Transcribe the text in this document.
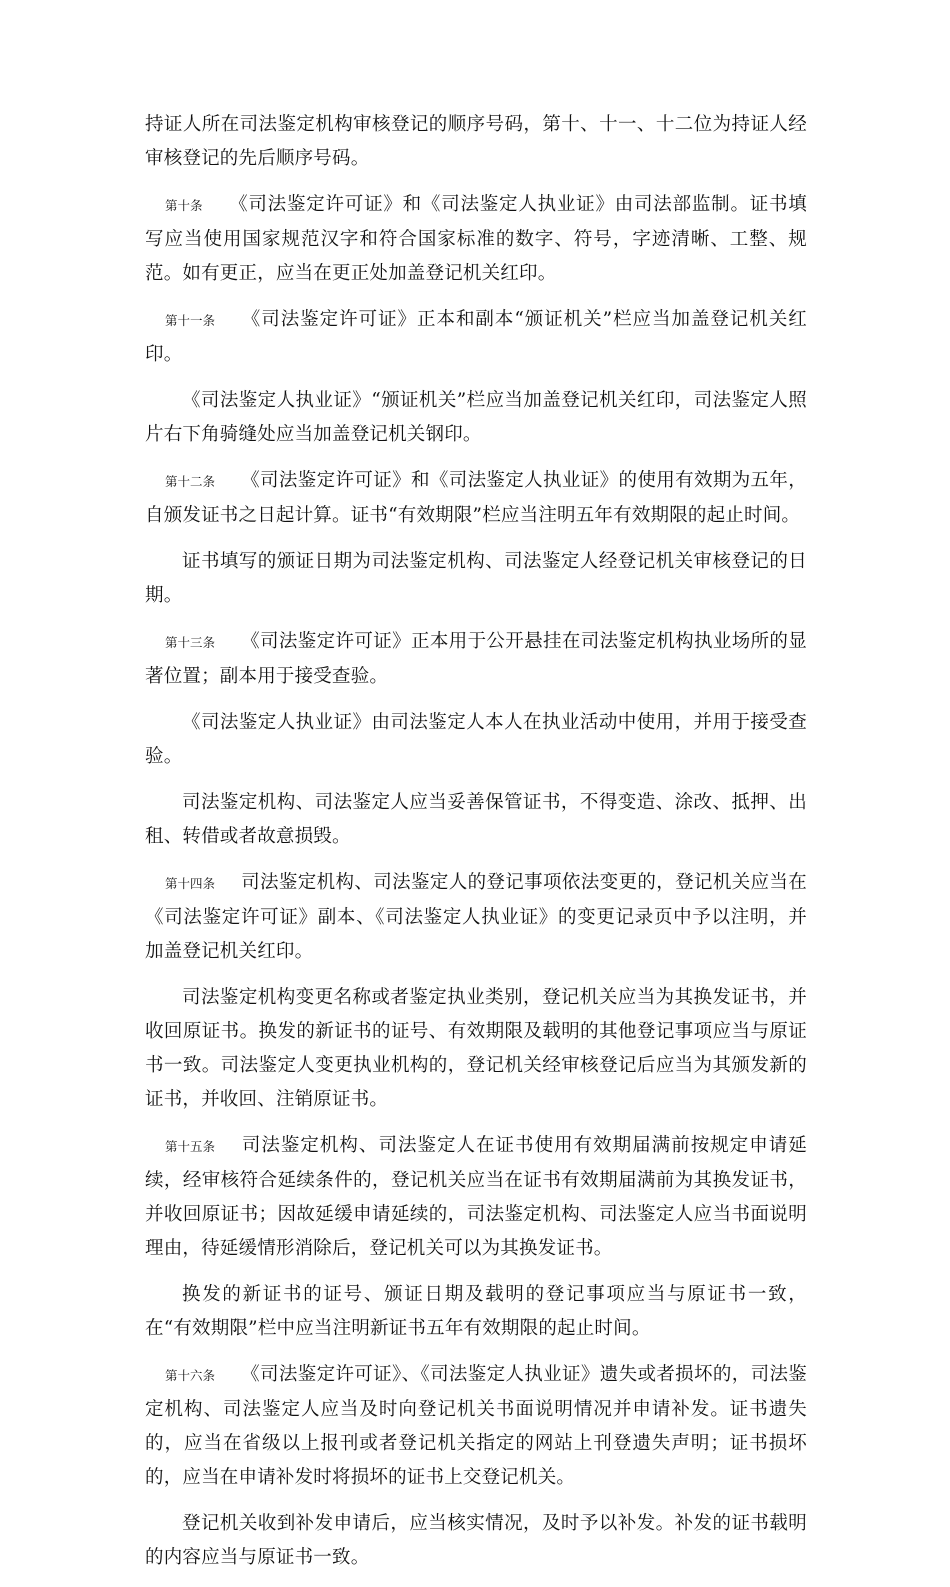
持证人所在司法鉴定机构审核登记的顺序号码，第十、十一、十二位为持证人经审核登记的先后顺序号码。

第十条 《司法鉴定许可证》和《司法鉴定人执业证》由司法部监制。证书填写应当使用国家规范汉字和符合国家标准的数字、符号，字迹清晰、工整、规范。如有更正，应当在更正处加盖登记机关红印。

第十一条 《司法鉴定许可证》正本和副本“颁证机关”栏应当加盖登记机关红印。

《司法鉴定人执业证》“颁证机关”栏应当加盖登记机关红印，司法鉴定人照片右下角骑缝处应当加盖登记机关钢印。

第十二条 《司法鉴定许可证》和《司法鉴定人执业证》的使用有效期为五年，自颁发证书之日起计算。证书“有效期限”栏应当注明五年有效期限的起止时间。

证书填写的颁证日期为司法鉴定机构、司法鉴定人经登记机关审核登记的日期。

第十三条 《司法鉴定许可证》正本用于公开悬挂在司法鉴定机构执业场所的显著位置；副本用于接受查验。

《司法鉴定人执业证》由司法鉴定人本人在执业活动中使用，并用于接受查验。

司法鉴定机构、司法鉴定人应当妥善保管证书，不得变造、涂改、抵押、出租、转借或者故意损毁。

第十四条 司法鉴定机构、司法鉴定人的登记事项依法变更的，登记机关应当在《司法鉴定许可证》副本、《司法鉴定人执业证》的变更记录页中予以注明，并加盖登记机关红印。

司法鉴定机构变更名称或者鉴定执业类别，登记机关应当为其换发证书，并收回原证书。换发的新证书的证号、有效期限及载明的其他登记事项应当与原证书一致。司法鉴定人变更执业机构的，登记机关经审核登记后应当为其颁发新的证书，并收回、注销原证书。

第十五条 司法鉴定机构、司法鉴定人在证书使用有效期届满前按规定申请延续，经审核符合延续条件的，登记机关应当在证书有效期届满前为其换发证书，并收回原证书；因故延缓申请延续的，司法鉴定机构、司法鉴定人应当书面说明理由，待延缓情形消除后，登记机关可以为其换发证书。

换发的新证书的证号、颁证日期及载明的登记事项应当与原证书一致，在“有效期限”栏中应当注明新证书五年有效期限的起止时间。

第十六条 《司法鉴定许可证》、《司法鉴定人执业证》遗失或者损坏的，司法鉴定机构、司法鉴定人应当及时向登记机关书面说明情况并申请补发。证书遗失的，应当在省级以上报刊或者登记机关指定的网站上刊登遗失声明；证书损坏的，应当在申请补发时将损坏的证书上交登记机关。

登记机关收到补发申请后，应当核实情况，及时予以补发。补发的证书载明的内容应当与原证书一致。
